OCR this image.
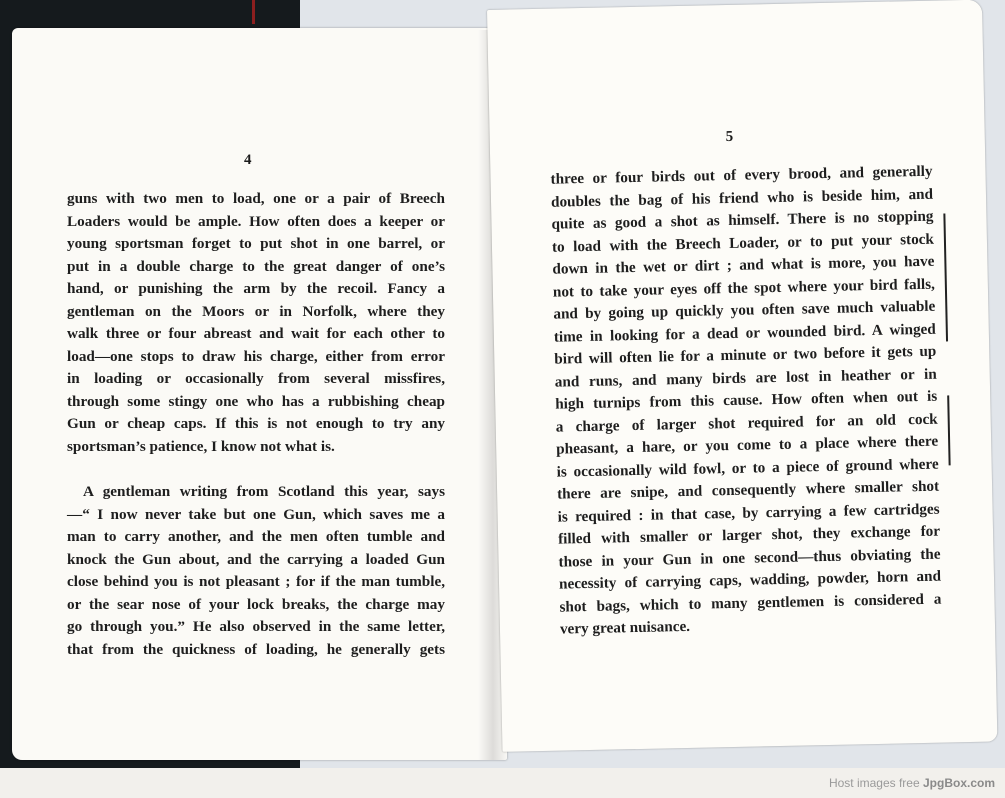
4

guns with two men to load, one or a pair of Breech

Loaders would be ample. How often does a keeper or

young sportsman forget to put shot in one barrel, or

put in a double charge to the great danger of one’s

hand, or punishing the arm by the recoil. Fancy a

gentleman on the Moors or in Norfolk, where they

walk three or four abreast and wait for each other to

load—one stops to draw his charge, either from error

in loading or occasionally from several missfires,

through some stingy one who has a rubbishing cheap

Gun or cheap caps. If this is not enough to try any

sportsman’s patience, I know not what is.

A gentleman writing from Scotland this year, says

—“ I now never take but one Gun, which saves me a

man to carry another, and the men often tumble and

knock the Gun about, and the carrying a loaded Gun

close behind you is not pleasant ; for if the man tumble,

or the sear nose of your lock breaks, the charge may

go through you.” He also observed in the same letter,

that from the quickness of loading, he generally gets

5

three or four birds out of every brood, and generally

doubles the bag of his friend who is beside him, and

quite as good a shot as himself. There is no stopping

to load with the Breech Loader, or to put your stock

down in the wet or dirt ; and what is more, you have

not to take your eyes off the spot where your bird falls,

and by going up quickly you often save much valuable

time in looking for a dead or wounded bird. A winged

bird will often lie for a minute or two before it gets up

and runs, and many birds are lost in heather or in

high turnips from this cause. How often when out is

a charge of larger shot required for an old cock

pheasant, a hare, or you come to a place where there

is occasionally wild fowl, or to a piece of ground where

there are snipe, and consequently where smaller shot

is required : in that case, by carrying a few cartridges

filled with smaller or larger shot, they exchange for

those in your Gun in one second—thus obviating the

necessity of carrying caps, wadding, powder, horn and

shot bags, which to many gentlemen is considered a

very great nuisance.

Host images free JpgBox.com
